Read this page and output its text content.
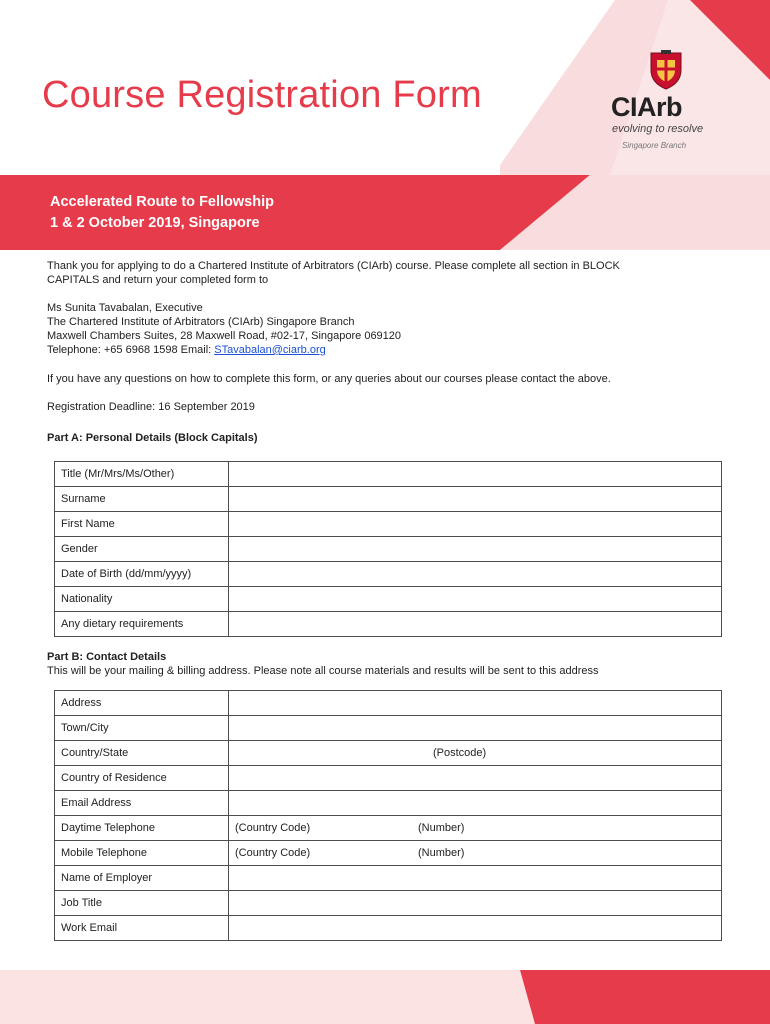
Course Registration Form	CIArb
evolving to resolve
Singapore Branch
Accelerated Route to Fellowship
1 & 2 October 2019, Singapore
Thank you for applying to do a Chartered Institute of Arbitrators (CIArb) course. Please complete all section in BLOCK
CAPITALS and return your completed form to
Ms Sunita Tavabalan, Executive
The Chartered Institute of Arbitrators (CIArb) Singapore Branch
Maxwell Chambers Suites, 28 Maxwell Road, #02-17, Singapore 069120
Telephone: +65 6968 1598 Email: STavabalan@ciarb.org
If you have any questions on how to complete this form, or any queries about our courses please contact the above.
Registration Deadline: 16 September 2019
Part A: Personal Details (Block Capitals)
Title (Mr/Mrs/Ms/Other)	
Surname	
First Name	
Gender	
Date of Birth (dd/mm/yyyy)	
Nationality	
Any dietary requirements	
Part B: Contact Details
This will be your mailing & billing address. Please note all course materials and results will be sent to this address
Address	
Town/City	
Country/State	(Postcode)

Country of Residence	
Email Address	
Daytime Telephone	(Country Code) (Number)

Mobile Telephone	(Country Code) (Number)

Name of Employer	
Job Title	
Work Email	
